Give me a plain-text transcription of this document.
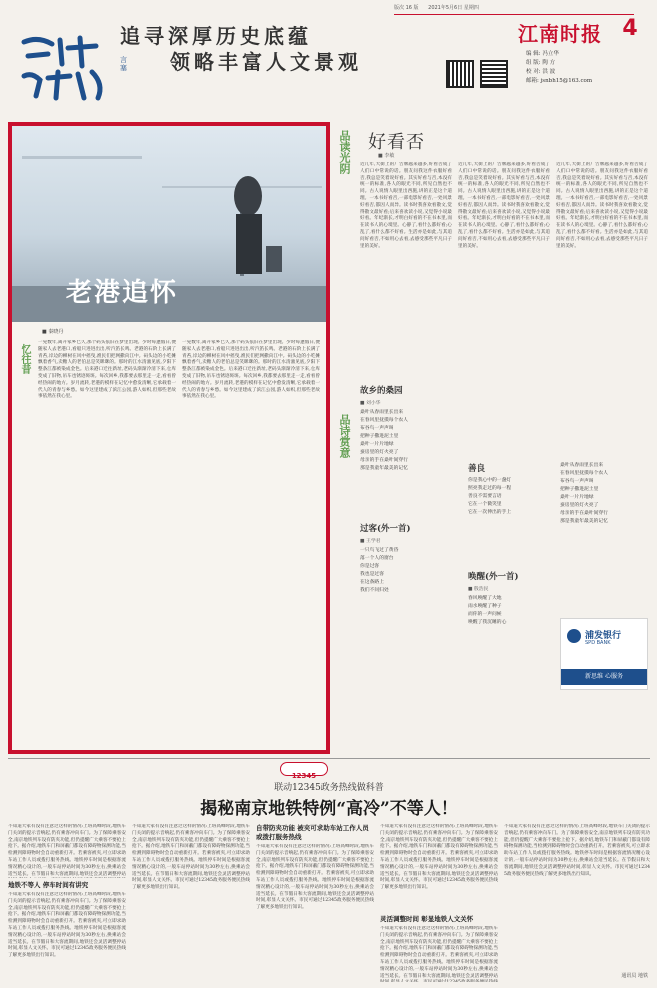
言
塞
追寻深厚历史底蕴
领略丰富人文景观
版次 16 版 2021年5月6日 星期四
江南时报 4
编 辑: 冯立华
组 版: 陶 方
校 对: 洪 波
邮箱: jsnbh15@163.com
老港追怀
■ 秦晓丹
忆往昔
一晃数年,离开家乡已久,那个码头依旧在梦里出现。少时每逢假日,便随家人去老港口,看船只进进出出,听汽笛长鸣。老港的石阶上长满了青苔,岸边的柳树在风中摇曳,渔民们把网撒向江中。码头边的小吃摊飘着香气,卖糖人的老伯总是笑眯眯的。那时的江水清澈见底,夕阳下整条江都被染成金色。后来港口迁往新址,老码头渐渐冷清下来,仓库变成了旧物,吊车也锈迹斑斑。每次回乡,我都要去那里走一走,看看曾经热闹的地方。岁月流转,老港的模样在记忆中愈发清晰,它承载着一代人的青春与乡愁。如今这里建成了滨江公园,游人如织,但那些老故事依然在我心里。
一晃数年,离开家乡已久,那个码头依旧在梦里出现。少时每逢假日,便随家人去老港口,看船只进进出出,听汽笛长鸣。老港的石阶上长满了青苔,岸边的柳树在风中摇曳,渔民们把网撒向江中。码头边的小吃摊飘着香气,卖糖人的老伯总是笑眯眯的。那时的江水清澈见底,夕阳下整条江都被染成金色。后来港口迁往新址,老码头渐渐冷清下来,仓库变成了旧物,吊车也锈迹斑斑。每次回乡,我都要去那里走一走,看看曾经热闹的地方。岁月流转,老港的模样在记忆中愈发清晰,它承载着一代人的青春与乡愁。如今这里建成了滨江公园,游人如织,但那些老故事依然在我心里。
品读光阴 好看否
■ 李敏
近几年,大街上的广告牌越来越多,好看否成了人们口中常说的话。朋友问我这件衣服好看否,我总是笑着说好看。其实好看与否,本没有统一的标准,各人的眼光不同,所见自然也不同。古人说情人眼里出西施,讲的正是这个道理。一本书好看否,一部电影好看否,一处风景好看否,都因人而异。读书时我喜欢看散文,觉得散文最好看;后来喜欢读小说,又觉得小说最好看。年纪渐长,才明白好看的不在书本里,而在读书人的心境里。心静了,看什么都好看;心乱了,看什么都不好看。生活亦是如此,与其追问好看否,不如用心去看,去感受那些平凡日子里的美好。
近几年,大街上的广告牌越来越多,好看否成了人们口中常说的话。朋友问我这件衣服好看否,我总是笑着说好看。其实好看与否,本没有统一的标准,各人的眼光不同,所见自然也不同。古人说情人眼里出西施,讲的正是这个道理。一本书好看否,一部电影好看否,一处风景好看否,都因人而异。读书时我喜欢看散文,觉得散文最好看;后来喜欢读小说,又觉得小说最好看。年纪渐长,才明白好看的不在书本里,而在读书人的心境里。心静了,看什么都好看;心乱了,看什么都不好看。生活亦是如此,与其追问好看否,不如用心去看,去感受那些平凡日子里的美好。
近几年,大街上的广告牌越来越多,好看否成了人们口中常说的话。朋友问我这件衣服好看否,我总是笑着说好看。其实好看与否,本没有统一的标准,各人的眼光不同,所见自然也不同。古人说情人眼里出西施,讲的正是这个道理。一本书好看否,一部电影好看否,一处风景好看否,都因人而异。读书时我喜欢看散文,觉得散文最好看;后来喜欢读小说,又觉得小说最好看。年纪渐长,才明白好看的不在书本里,而在读书人的心境里。心静了,看什么都好看;心乱了,看什么都不好看。生活亦是如此,与其追问好看否,不如用心去看,去感受那些平凡日子里的美好。
品诗赏意
故乡的桑园
■ 刘小华
桑叶从春雨里长出来
在春风里抚摸每个农人
布谷鸟一声声叫
把种子撒进泥土里
桑叶一片片地绿
蚕房里的灯火亮了
母亲的手在桑叶间穿行
那是我童年最美的记忆
过客(外一首)
■ 王学君
一只鸟飞过了黄昏
落一个人的窗台
你是过客
我也是过客
在这条路上
我们不问归处
善良
你是我心中的一盏灯
照亮我走过的每一程
善良不需要言语
它在一个微笑里
它在一次伸出的手上
唤醒(外一首)
■ 殷浩民
春风唤醒了大地
雨水唤醒了种子
而你的一声问候
唤醒了我沉睡的心
桑叶从春雨里长出来
在春风里抚摸每个农人
布谷鸟一声声叫
把种子撒进泥土里
桑叶一片片地绿
蚕房里的灯火亮了
母亲的手在桑叶间穿行
那是我童年最美的记忆
浦发银行
SPD BANK
新思维 心服务
12345
联动12345政务热线做科普
揭秘南京地铁特例“高冷”不等人！
不知道大家有没有注意过这样的情况:上班高峰时段,地铁车门关闭的提示音响起,仍有乘客冲向车门。为了保障乘客安全,南京地铁列车设有防夹功能,但仍提醒广大乘客不要抢上抢下。据介绍,地铁车门和屏蔽门都设有障碍物探测功能,当检测到障碍物时会自动重新打开。若乘客被夹,可立即求助车站工作人员或拨打服务热线。地铁停车时间是根据客流情况精心设计的,一般车站停站时间为30秒左右,换乘站会适当延长。在节假日和大客流期间,地铁还会灵活调整停站
地铁不等人 停车时间有讲究
不知道大家有没有注意过这样的情况:上班高峰时段,地铁车门关闭的提示音响起,仍有乘客冲向车门。为了保障乘客安全,南京地铁列车设有防夹功能,但仍提醒广大乘客不要抢上抢下。据介绍,地铁车门和屏蔽门都设有障碍物探测功能,当检测到障碍物时会自动重新打开。若乘客被夹,可立即求助车站工作人员或拨打服务热线。地铁停车时间是根据客流情况精心设计的,一般车站停站时间为30秒左右,换乘站会适当延长。在节假日和大客流期间,地铁还会灵活调整停站时间,彰显人文关怀。市民可通过12345政务服务便民热线了解更多地铁出行知识。
不知道大家有没有注意过这样的情况:上班高峰时段,地铁车门关闭的提示音响起,仍有乘客冲向车门。为了保障乘客安全,南京地铁列车设有防夹功能,但仍提醒广大乘客不要抢上抢下。据介绍,地铁车门和屏蔽门都设有障碍物探测功能,当检测到障碍物时会自动重新打开。若乘客被夹,可立即求助车站工作人员或拨打服务热线。地铁停车时间是根据客流情况精心设计的,一般车站停站时间为30秒左右,换乘站会适当延长。在节假日和大客流期间,地铁还会灵活调整停站时间,彰显人文关怀。市民可通过12345政务服务便民热线了解更多地铁出行知识。
自带防夹功能 被夹可求助车站工作人员或拨打服务热线
不知道大家有没有注意过这样的情况:上班高峰时段,地铁车门关闭的提示音响起,仍有乘客冲向车门。为了保障乘客安全,南京地铁列车设有防夹功能,但仍提醒广大乘客不要抢上抢下。据介绍,地铁车门和屏蔽门都设有障碍物探测功能,当检测到障碍物时会自动重新打开。若乘客被夹,可立即求助车站工作人员或拨打服务热线。地铁停车时间是根据客流情况精心设计的,一般车站停站时间为30秒左右,换乘站会适当延长。在节假日和大客流期间,地铁还会灵活调整停站时间,彰显人文关怀。市民可通过12345政务服务便民热线了解更多地铁出行知识。
不知道大家有没有注意过这样的情况:上班高峰时段,地铁车门关闭的提示音响起,仍有乘客冲向车门。为了保障乘客安全,南京地铁列车设有防夹功能,但仍提醒广大乘客不要抢上抢下。据介绍,地铁车门和屏蔽门都设有障碍物探测功能,当检测到障碍物时会自动重新打开。若乘客被夹,可立即求助车站工作人员或拨打服务热线。地铁停车时间是根据客流情况精心设计的,一般车站停站时间为30秒左右,换乘站会适当延长。在节假日和大客流期间,地铁还会灵活调整停站时间,彰显人文关怀。市民可通过12345政务服务便民热线了解更多地铁出行知识。
灵活调整时间 彰显地铁人文关怀
不知道大家有没有注意过这样的情况:上班高峰时段,地铁车门关闭的提示音响起,仍有乘客冲向车门。为了保障乘客安全,南京地铁列车设有防夹功能,但仍提醒广大乘客不要抢上抢下。据介绍,地铁车门和屏蔽门都设有障碍物探测功能,当检测到障碍物时会自动重新打开。若乘客被夹,可立即求助车站工作人员或拨打服务热线。地铁停车时间是根据客流情况精心设计的,一般车站停站时间为30秒左右,换乘站会适当延长。在节假日和大客流期间,地铁还会灵活调整停站
不知道大家有没有注意过这样的情况:上班高峰时段,地铁车门关闭的提示音响起,仍有乘客冲向车门。为了保障乘客安全,南京地铁列车设有防夹功能,但仍提醒广大乘客不要抢上抢下。据介绍,地铁车门和屏蔽门都设有障碍物探测功能,当检测到障碍物时会自动重新打开。若乘客被夹,可立即求助车站工作人员或拨打服务热线。地铁停车时间是根据客流情况精心设计的,一般车站停站时间为30秒左右,换乘站会适当延长。在节假日和大客流期间,地铁还会灵活调整停站时间,彰显人文关怀。市民可通过12345政务服务便民热线了解更多地铁出行知识。
通讯员 地铁
